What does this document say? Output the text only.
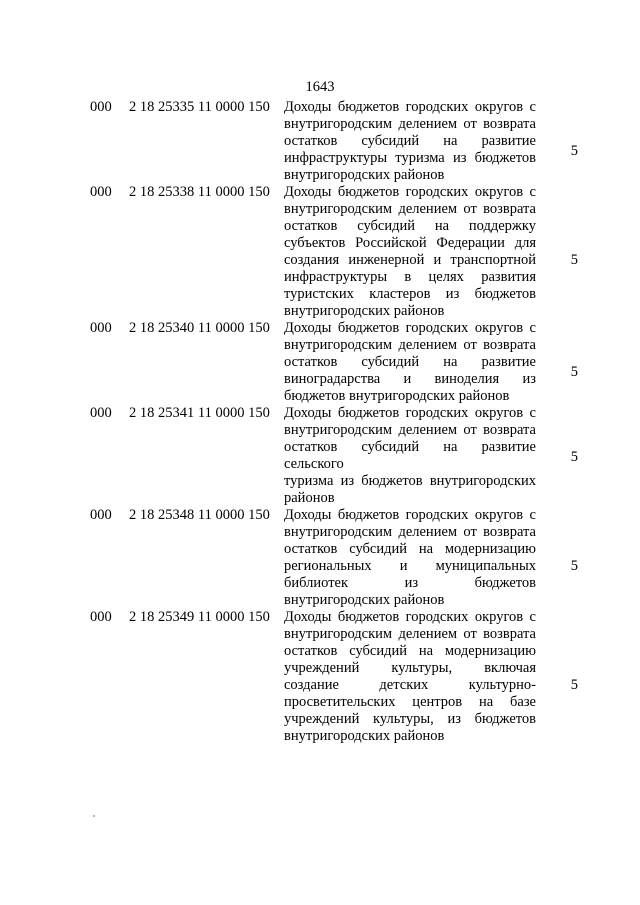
1643
000 2 18 25335 11 0000 150 Доходы бюджетов городских округов с
внутригородским делением от возврата
остатков субсидий на развитие
инфраструктуры туризма из бюджетов
внутригородских районов
5
000 2 18 25338 11 0000 150 Доходы бюджетов городских округов с
внутригородским делением от возврата
остатков субсидий на поддержку
субъектов Российской Федерации для
создания инженерной и транспортной
инфраструктуры в целях развития
туристских кластеров из бюджетов
внутригородских районов
5
000 2 18 25340 11 0000 150 Доходы бюджетов городских округов с
внутригородским делением от возврата
остатков субсидий на развитие
виноградарства и виноделия из
бюджетов внутригородских районов
5
000 2 18 25341 11 0000 150 Доходы бюджетов городских округов с
внутригородским делением от возврата
остатков субсидий на развитие сельского
туризма из бюджетов внутригородских
районов
5
000 2 18 25348 11 0000 150 Доходы бюджетов городских округов с
внутригородским делением от возврата
остатков субсидий на модернизацию
региональных и муниципальных
библиотек из бюджетов
внутригородских районов
5
000 2 18 25349 11 0000 150 Доходы бюджетов городских округов с
внутригородским делением от возврата
остатков субсидий на модернизацию
учреждений культуры, включая
создание детских культурно-
просветительских центров на базе
учреждений культуры, из бюджетов
внутригородских районов
5
